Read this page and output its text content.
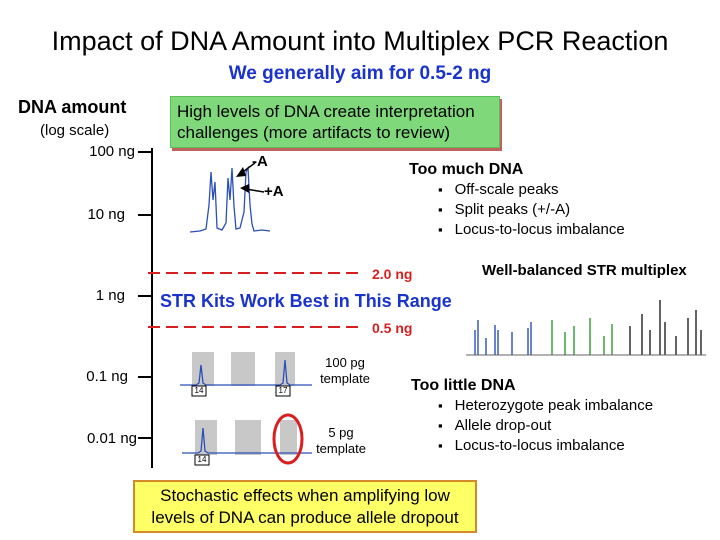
Impact of DNA Amount into Multiplex PCR Reaction
We generally aim for 0.5-2 ng
DNA amount
(log scale)
100 ng
10 ng
1 ng
0.1 ng
0.01 ng
14	17
14
High levels of DNA create interpretation challenges (more artifacts to review)
-A
+A
2.0 ng
0.5 ng
STR Kits Work Best in This Range
Too much DNA
▪ Off-scale peaks
▪ Split peaks (+/-A)
▪ Locus-to-locus imbalance
Well-balanced STR multiplex
100 pg template
5 pg template
Too little DNA
▪ Heterozygote peak imbalance
▪ Allele drop-out
▪ Locus-to-locus imbalance
Stochastic effects when amplifying low levels of DNA can produce allele dropout
